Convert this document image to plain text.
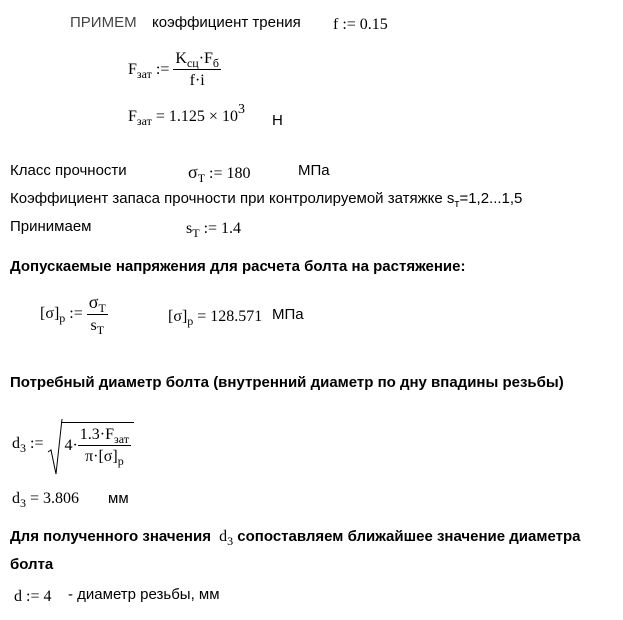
ПРИМЕМ коэффициент трения f := 0.15
$F_{зат}$ := $\frac{K_{сц}\cdot F_б}{f\cdot i}$
$F_{зат} = 1.125 \times 103$
Н
Класс прочности	$\sigma_T$ := 180	МПа
Коэффициент запаса прочности при контролируемой затяжке $s_т=1,2...1,5$
Принимаем	$s_T$ := 1.4
Допускаемые напряжения для расчета болта на растяжение:
$[\sigma]_p$ := $\frac{\sigma_T}{s_T}$	$[\sigma]_p = 128.571$ МПа
Потребный диаметр болта (внутренний диаметр по дну впадины резьбы)
$d_3$ := $4\cdot \frac{1.3\cdot F_{зат}}{\pi\cdot[\sigma]_p}$
$d_3 = 3.806$ мм
Для полученного значения $d_3$ сопоставляем ближайшее значение диаметра
болта
d := 4 - диаметр резьбы, мм
